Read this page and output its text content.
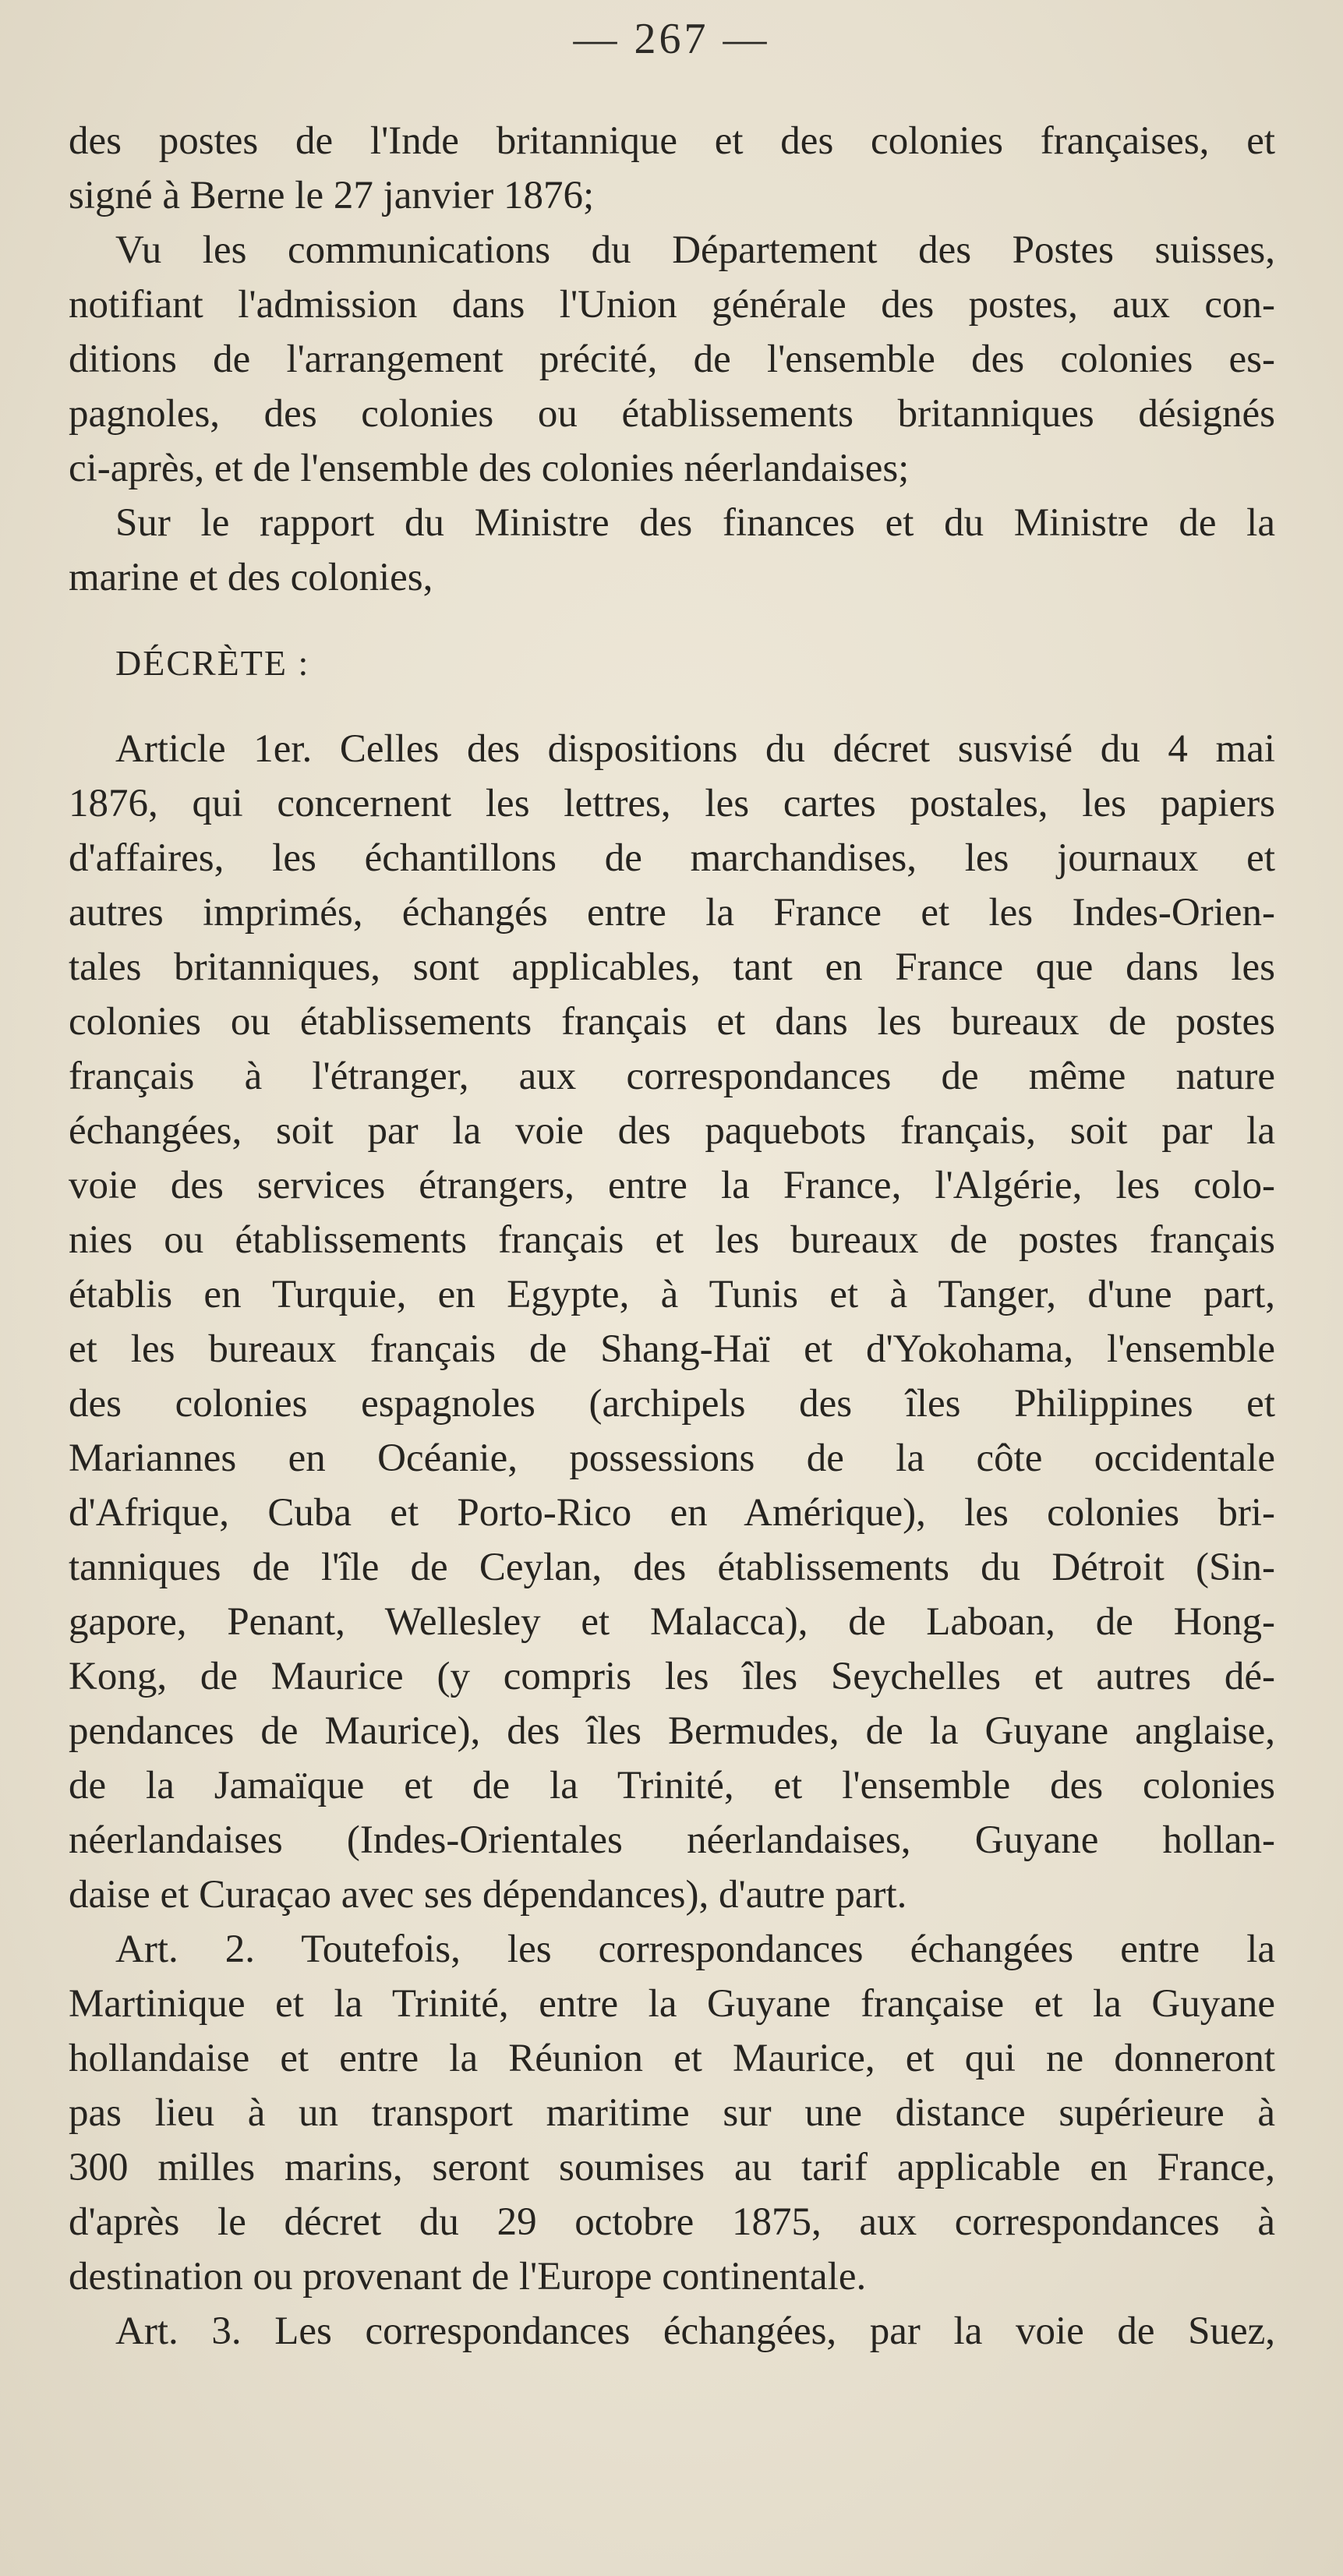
— 267 —
des postes de l'Inde britannique et des colonies françaises, et
signé à Berne le 27 janvier 1876;
Vu les communications du Département des Postes suisses,
notifiant l'admission dans l'Union générale des postes, aux con-
ditions de l'arrangement précité, de l'ensemble des colonies es-
pagnoles, des colonies ou établissements britanniques désignés
ci-après, et de l'ensemble des colonies néerlandaises;
Sur le rapport du Ministre des finances et du Ministre de la
marine et des colonies,
DÉCRÈTE :
Article 1er. Celles des dispositions du décret susvisé du 4 mai
1876, qui concernent les lettres, les cartes postales, les papiers
d'affaires, les échantillons de marchandises, les journaux et
autres imprimés, échangés entre la France et les Indes-Orien-
tales britanniques, sont applicables, tant en France que dans les
colonies ou établissements français et dans les bureaux de postes
français à l'étranger, aux correspondances de même nature
échangées, soit par la voie des paquebots français, soit par la
voie des services étrangers, entre la France, l'Algérie, les colo-
nies ou établissements français et les bureaux de postes français
établis en Turquie, en Egypte, à Tunis et à Tanger, d'une part,
et les bureaux français de Shang-Haï et d'Yokohama, l'ensemble
des colonies espagnoles (archipels des îles Philippines et
Mariannes en Océanie, possessions de la côte occidentale
d'Afrique, Cuba et Porto-Rico en Amérique), les colonies bri-
tanniques de l'île de Ceylan, des établissements du Détroit (Sin-
gapore, Penant, Wellesley et Malacca), de Laboan, de Hong-
Kong, de Maurice (y compris les îles Seychelles et autres dé-
pendances de Maurice), des îles Bermudes, de la Guyane anglaise,
de la Jamaïque et de la Trinité, et l'ensemble des colonies
néerlandaises (Indes-Orientales néerlandaises, Guyane hollan-
daise et Curaçao avec ses dépendances), d'autre part.
Art. 2. Toutefois, les correspondances échangées entre la
Martinique et la Trinité, entre la Guyane française et la Guyane
hollandaise et entre la Réunion et Maurice, et qui ne donneront
pas lieu à un transport maritime sur une distance supérieure à
300 milles marins, seront soumises au tarif applicable en France,
d'après le décret du 29 octobre 1875, aux correspondances à
destination ou provenant de l'Europe continentale.
Art. 3. Les correspondances échangées, par la voie de Suez,
